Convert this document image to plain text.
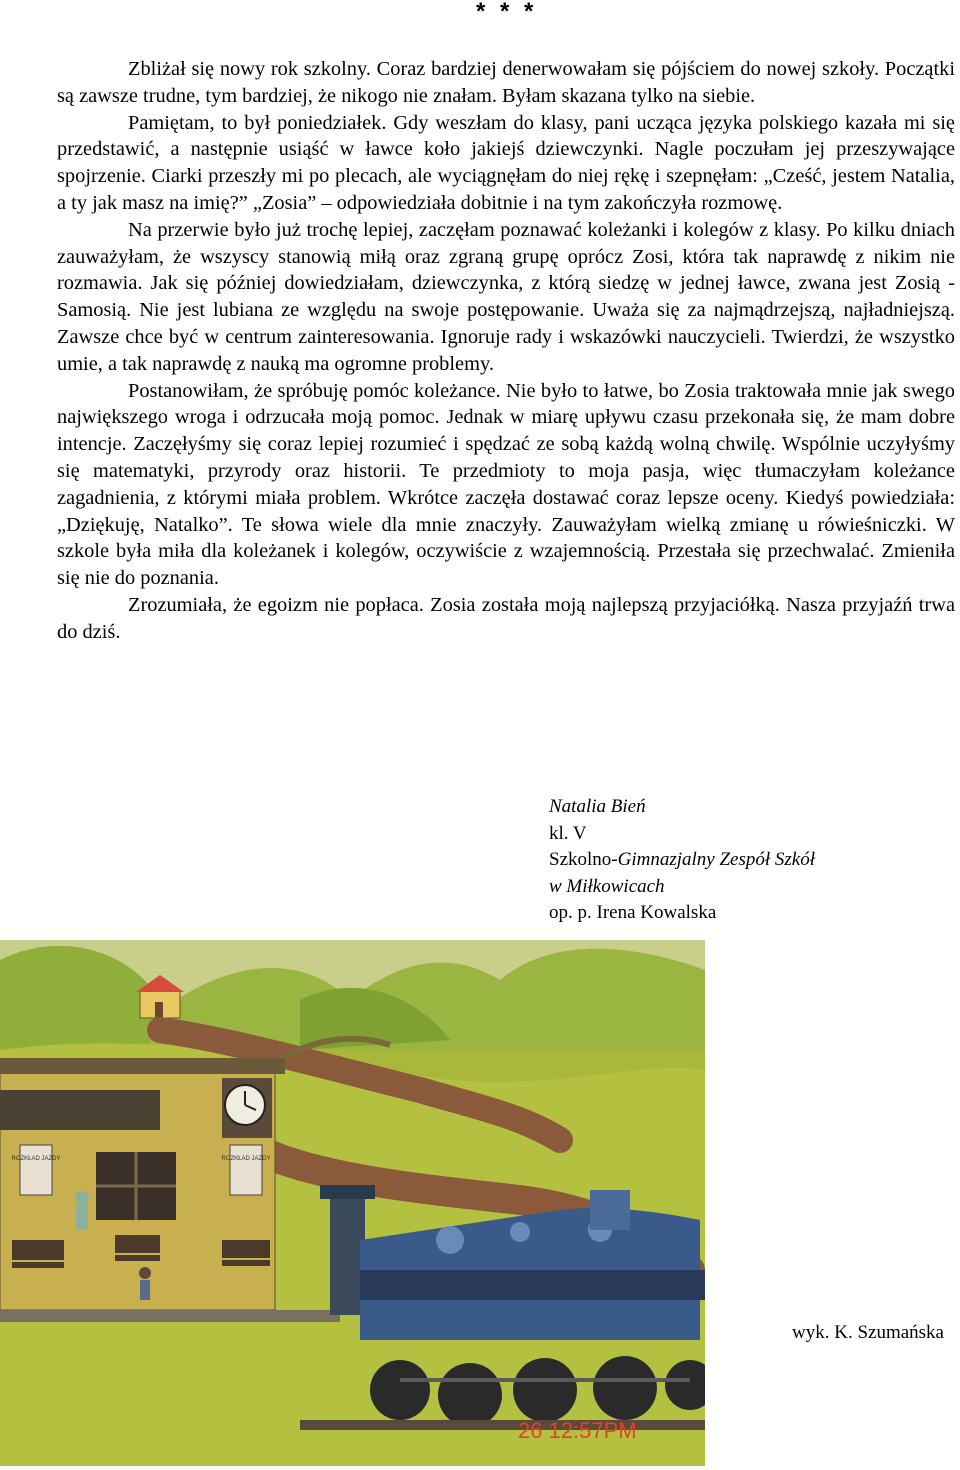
* * *

Zbliżał się nowy rok szkolny. Coraz bardziej denerwowałam się pójściem do nowej szkoły. Początki są zawsze trudne, tym bardziej, że nikogo nie znałam. Byłam skazana tylko na siebie.

Pamiętam, to był poniedziałek. Gdy weszłam do klasy, pani ucząca języka polskiego kazała mi się przedstawić, a następnie usiąść w ławce koło jakiejś dziewczynki. Nagle poczułam jej przeszywające spojrzenie. Ciarki przeszły mi po plecach, ale wyciągnęłam do niej rękę i szepnęłam: „Cześć, jestem Natalia, a ty jak masz na imię?” „Zosia” – odpowiedziała dobitnie i na tym zakończyła rozmowę.

Na przerwie było już trochę lepiej, zaczęłam poznawać koleżanki i kolegów z klasy. Po kilku dniach zauważyłam, że wszyscy stanowią miłą oraz zgraną grupę oprócz Zosi, która tak naprawdę z nikim nie rozmawia. Jak się później dowiedziałam, dziewczynka, z którą siedzę w jednej ławce, zwana jest Zosią - Samosią. Nie jest lubiana ze względu na swoje postępowanie. Uważa się za najmądrzejszą, najładniejszą. Zawsze chce być w centrum zainteresowania. Ignoruje rady i wskazówki nauczycieli. Twierdzi, że wszystko umie, a tak naprawdę z nauką ma ogromne problemy.

Postanowiłam, że spróbuję pomóc koleżance. Nie było to łatwe, bo Zosia traktowała mnie jak swego największego wroga i odrzucała moją pomoc. Jednak w miarę upływu czasu przekonała się, że mam dobre intencje. Zaczęłyśmy się coraz lepiej rozumieć i spędzać ze sobą każdą wolną chwilę. Wspólnie uczyłyśmy się matematyki, przyrody oraz historii. Te przedmioty to moja pasja, więc tłumaczyłam koleżance zagadnienia, z którymi miała problem. Wkrótce zaczęła dostawać coraz lepsze oceny. Kiedyś powiedziała: „Dziękuję, Natalko”. Te słowa wiele dla mnie znaczyły. Zauważyłam wielką zmianę u rówieśniczki. W szkole była miła dla koleżanek i kolegów, oczywiście z wzajemnością. Przestała się przechwalać. Zmieniła się nie do poznania.

Zrozumiała, że egoizm nie popłaca. Zosia została moją najlepszą przyjaciółką. Nasza przyjaźń trwa do dziś.

Natalia Bień
kl. V
Szkolno-Gimnazjalny Zespół Szkół
w Miłkowicach
op. p. Irena Kowalska
ROZKŁAD JAZDY	ROZKŁAD JAZDY
26 12:57PM
wyk. K. Szumańska
